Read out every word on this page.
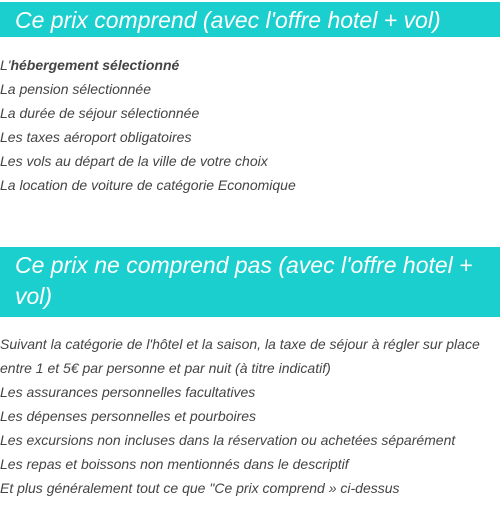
Ce prix comprend (avec l'offre hotel + vol)
L'hébergement sélectionné
La pension sélectionnée
La durée de séjour sélectionnée
Les taxes aéroport obligatoires
Les vols au départ de la ville de votre choix
La location de voiture de catégorie Economique
Ce prix ne comprend pas (avec l'offre hotel + vol)
Suivant la catégorie de l'hôtel et la saison, la taxe de séjour à régler sur place entre 1 et 5€ par personne et par nuit (à titre indicatif)
Les assurances personnelles facultatives
Les dépenses personnelles et pourboires
Les excursions non incluses dans la réservation ou achetées séparément
Les repas et boissons non mentionnés dans le descriptif
Et plus généralement tout ce que "Ce prix comprend » ci-dessus
